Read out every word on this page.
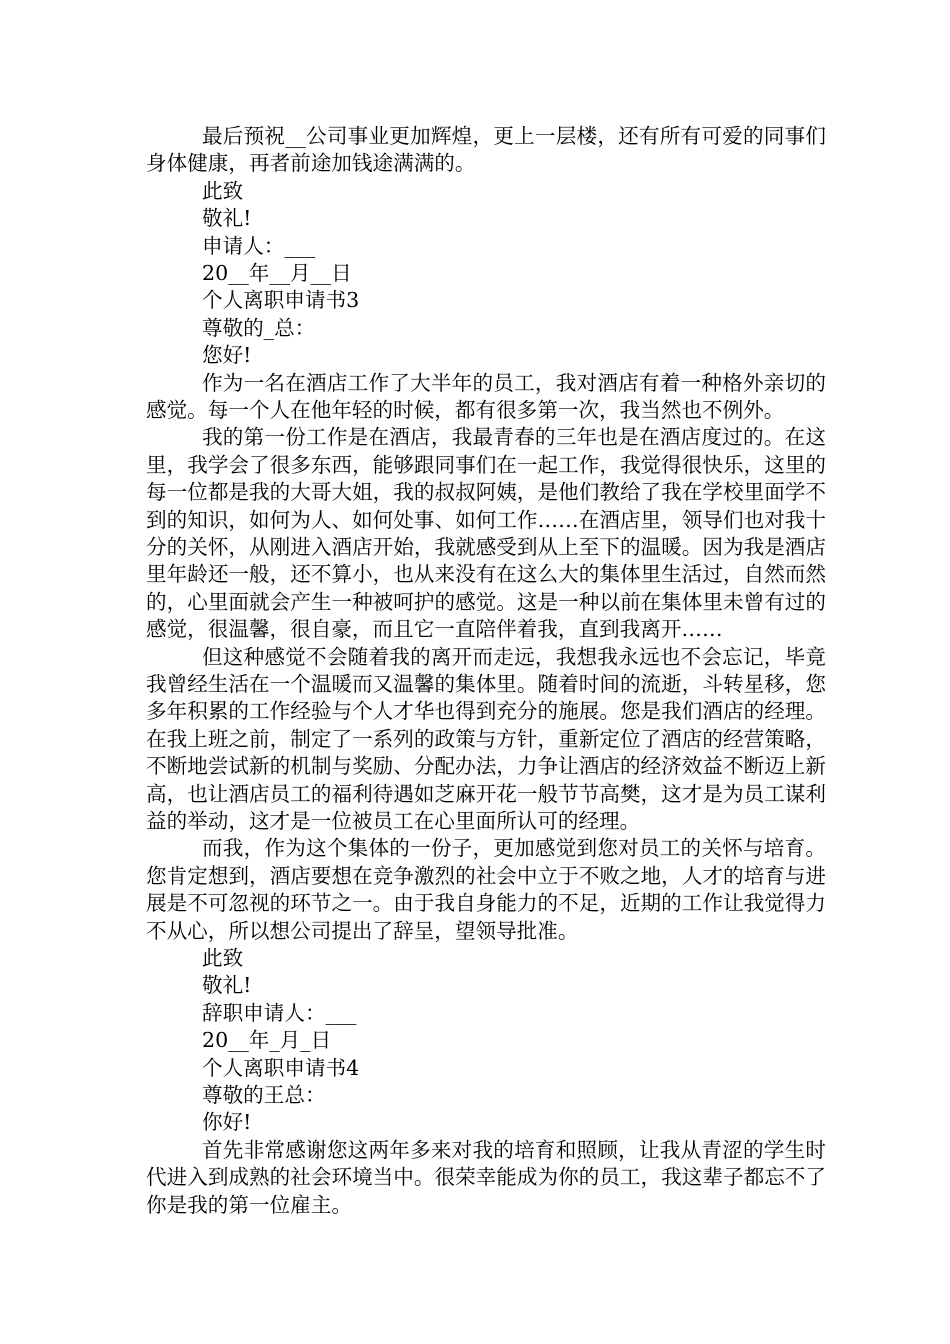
最后预祝__公司事业更加辉煌，更上一层楼，还有所有可爱的同事们身体健康，再者前途加钱途满满的。

此致

敬礼!

申请人：___

20__年__月__日

个人离职申请书3

尊敬的_总：

您好!

作为一名在酒店工作了大半年的员工，我对酒店有着一种格外亲切的感觉。每一个人在他年轻的时候，都有很多第一次，我当然也不例外。

我的第一份工作是在酒店，我最青春的三年也是在酒店度过的。在这里，我学会了很多东西，能够跟同事们在一起工作，我觉得很快乐，这里的每一位都是我的大哥大姐，我的叔叔阿姨，是他们教给了我在学校里面学不到的知识，如何为人、如何处事、如何工作……在酒店里，领导们也对我十分的关怀，从刚进入酒店开始，我就感受到从上至下的温暖。因为我是酒店里年龄还一般，还不算小，也从来没有在这么大的集体里生活过，自然而然的，心里面就会产生一种被呵护的感觉。这是一种以前在集体里未曾有过的感觉，很温馨，很自豪，而且它一直陪伴着我，直到我离开……

但这种感觉不会随着我的离开而走远，我想我永远也不会忘记，毕竟我曾经生活在一个温暖而又温馨的集体里。随着时间的流逝，斗转星移，您多年积累的工作经验与个人才华也得到充分的施展。您是我们酒店的经理。在我上班之前，制定了一系列的政策与方针，重新定位了酒店的经营策略，不断地尝试新的机制与奖励、分配办法，力争让酒店的经济效益不断迈上新高，也让酒店员工的福利待遇如芝麻开花一般节节高樊，这才是为员工谋利益的举动，这才是一位被员工在心里面所认可的经理。

而我，作为这个集体的一份子，更加感觉到您对员工的关怀与培育。您肯定想到，酒店要想在竞争激烈的社会中立于不败之地，人才的培育与进展是不可忽视的环节之一。由于我自身能力的不足，近期的工作让我觉得力不从心，所以想公司提出了辞呈，望领导批准。

此致

敬礼!

辞职申请人：___

20__年_月_日

个人离职申请书4

尊敬的王总：

你好!

首先非常感谢您这两年多来对我的培育和照顾，让我从青涩的学生时代进入到成熟的社会环境当中。很荣幸能成为你的员工，我这辈子都忘不了你是我的第一位雇主。
